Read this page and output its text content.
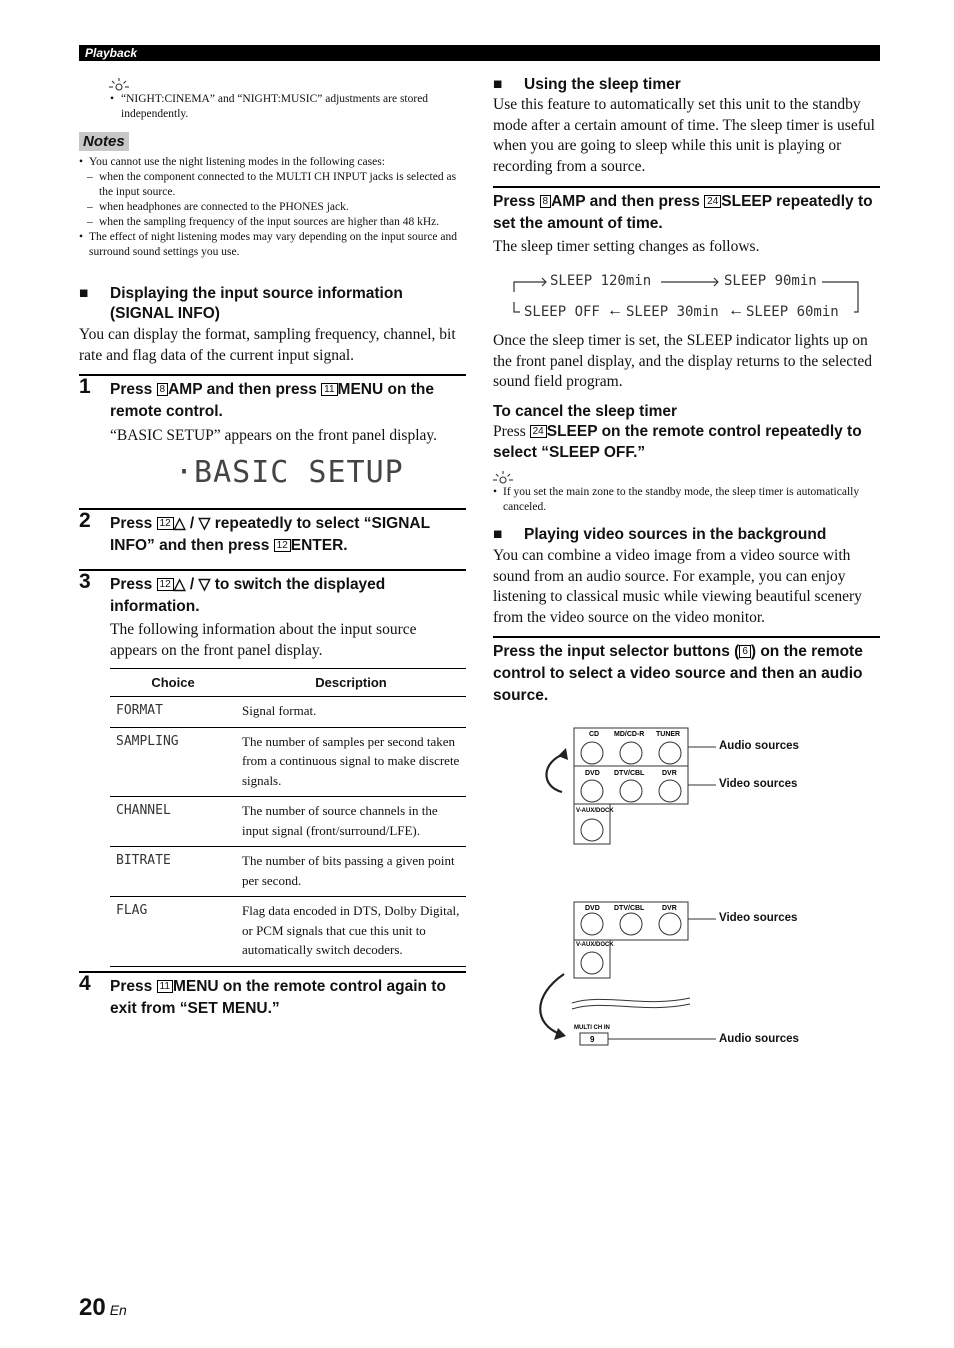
Playback
• “NIGHT:CINEMA” and “NIGHT:MUSIC” adjustments are stored independently.
Notes
• You cannot use the night listening modes in the following cases:
– when the component connected to the MULTI CH INPUT jacks is selected as the input source.
– when headphones are connected to the PHONES jack.
– when the sampling frequency of the input sources are higher than 48 kHz.
• The effect of night listening modes may vary depending on the input source and surround sound settings you use.
■	Displaying the input source information
(SIGNAL INFO)
You can display the format, sampling frequency, channel, bit rate and flag data of the current input signal.
1 Press 8 AMP and then press 11 MENU on the remote control.
“BASIC SETUP” appears on the front panel display.
·BASIC SETUP
2 Press 12 △ / ▽ repeatedly to select “SIGNAL INFO” and then press 12 ENTER.
3 Press 12 △ / ▽ to switch the displayed information.
The following information about the input source appears on the front panel display.
Choice	Description
FORMAT	Signal format.
SAMPLING	The number of samples per second taken from a continuous signal to make discrete signals.
CHANNEL	The number of source channels in the input signal (front/surround/LFE).
BITRATE	The number of bits passing a given point per second.
FLAG	Flag data encoded in DTS, Dolby Digital, or PCM signals that cue this unit to automatically switch decoders.
4 Press 11 MENU on the remote control again to exit from “SET MENU.”
■	Using the sleep timer
Use this feature to automatically set this unit to the standby mode after a certain amount of time. The sleep timer is useful when you are going to sleep while this unit is playing or recording from a source.
Press 8 AMP and then press 24 SLEEP repeatedly to set the amount of time.
The sleep timer setting changes as follows.
SLEEP 120min	SLEEP 90min
SLEEP OFF ← SLEEP 30min ← SLEEP 60min
Once the sleep timer is set, the SLEEP indicator lights up on the front panel display, and the display returns to the selected sound field program.
To cancel the sleep timer
Press 24 SLEEP on the remote control repeatedly to select “SLEEP OFF.”
• If you set the main zone to the standby mode, the sleep timer is automatically canceled.
■	Playing video sources in the background
You can combine a video image from a video source with sound from an audio source. For example, you can enjoy listening to classical music while viewing beautiful scenery from the video source on the video monitor.
Press the input selector buttons ( 6 ) on the remote control to select a video source and then an audio source.
CD MD/CD-R TUNER
DVD DTV/CBL	DVR
V-AUX/DOCK
Audio sources
Video sources
DVD DTV/CBL	DVR
V-AUX/DOCK
MULTI CH IN
9
Video sources
Audio sources
20 En
